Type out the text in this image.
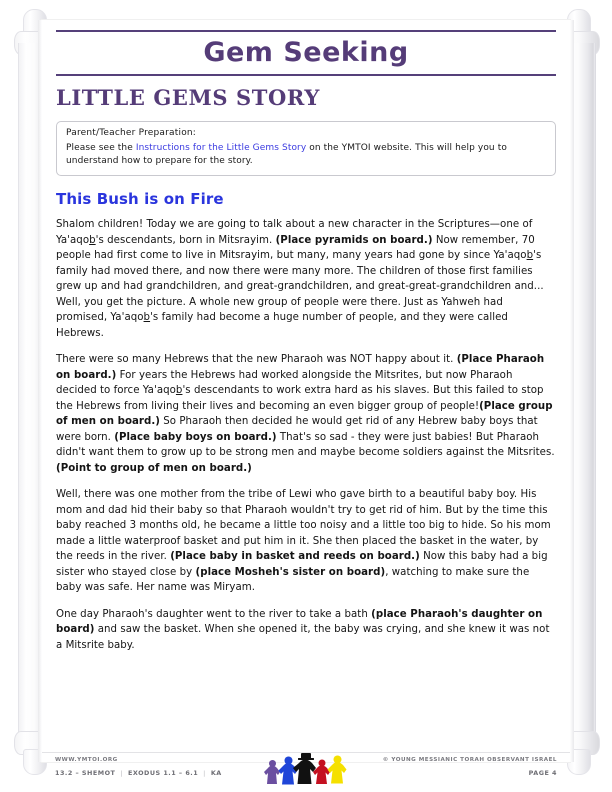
Gem Seeking
LITTLE GEMS STORY

Parent/Teacher Preparation:

Please see the Instructions for the Little Gems Story on the YMTOI website. This will help you to understand how to prepare for the story.

This Bush is on Fire

Shalom children! Today we are going to talk about a new character in the Scriptures—one of Ya'aqob's descendants, born in Mitsrayim. (Place pyramids on board.) Now remember, 70 people had first come to live in Mitsrayim, but many, many years had gone by since Ya'aqob's family had moved there, and now there were many more. The children of those first families grew up and had grandchildren, and great-grandchildren, and great-great-grandchildren and... Well, you get the picture. A whole new group of people were there. Just as Yahweh had promised, Ya'aqob's family had become a huge number of people, and they were called Hebrews.

There were so many Hebrews that the new Pharaoh was NOT happy about it. (Place Pharaoh on board.) For years the Hebrews had worked alongside the Mitsrites, but now Pharaoh decided to force Ya'aqob's descendants to work extra hard as his slaves. But this failed to stop the Hebrews from living their lives and becoming an even bigger group of people!(Place group of men on board.) So Pharaoh then decided he would get rid of any Hebrew baby boys that were born. (Place baby boys on board.) That's so sad - they were just babies! But Pharaoh didn't want them to grow up to be strong men and maybe become soldiers against the Mitsrites. (Point to group of men on board.)

Well, there was one mother from the tribe of Lewi who gave birth to a beautiful baby boy. His mom and dad hid their baby so that Pharaoh wouldn't try to get rid of him. But by the time this baby reached 3 months old, he became a little too noisy and a little too big to hide. So his mom made a little waterproof basket and put him in it. She then placed the basket in the water, by the reeds in the river. (Place baby in basket and reeds on board.) Now this baby had a big sister who stayed close by (place Mosheh's sister on board), watching to make sure the baby was safe. Her name was Miryam.

One day Pharaoh's daughter went to the river to take a bath (place Pharaoh's daughter on board) and saw the basket. When she opened it, the baby was crying, and she knew it was not a Mitsrite baby.

WWW.YMTOI.ORG
13.2 – SHEMOT | EXODUS 1.1 – 6.1 | KA
© YOUNG MESSIANIC TORAH OBSERVANT ISRAEL
PAGE 4
